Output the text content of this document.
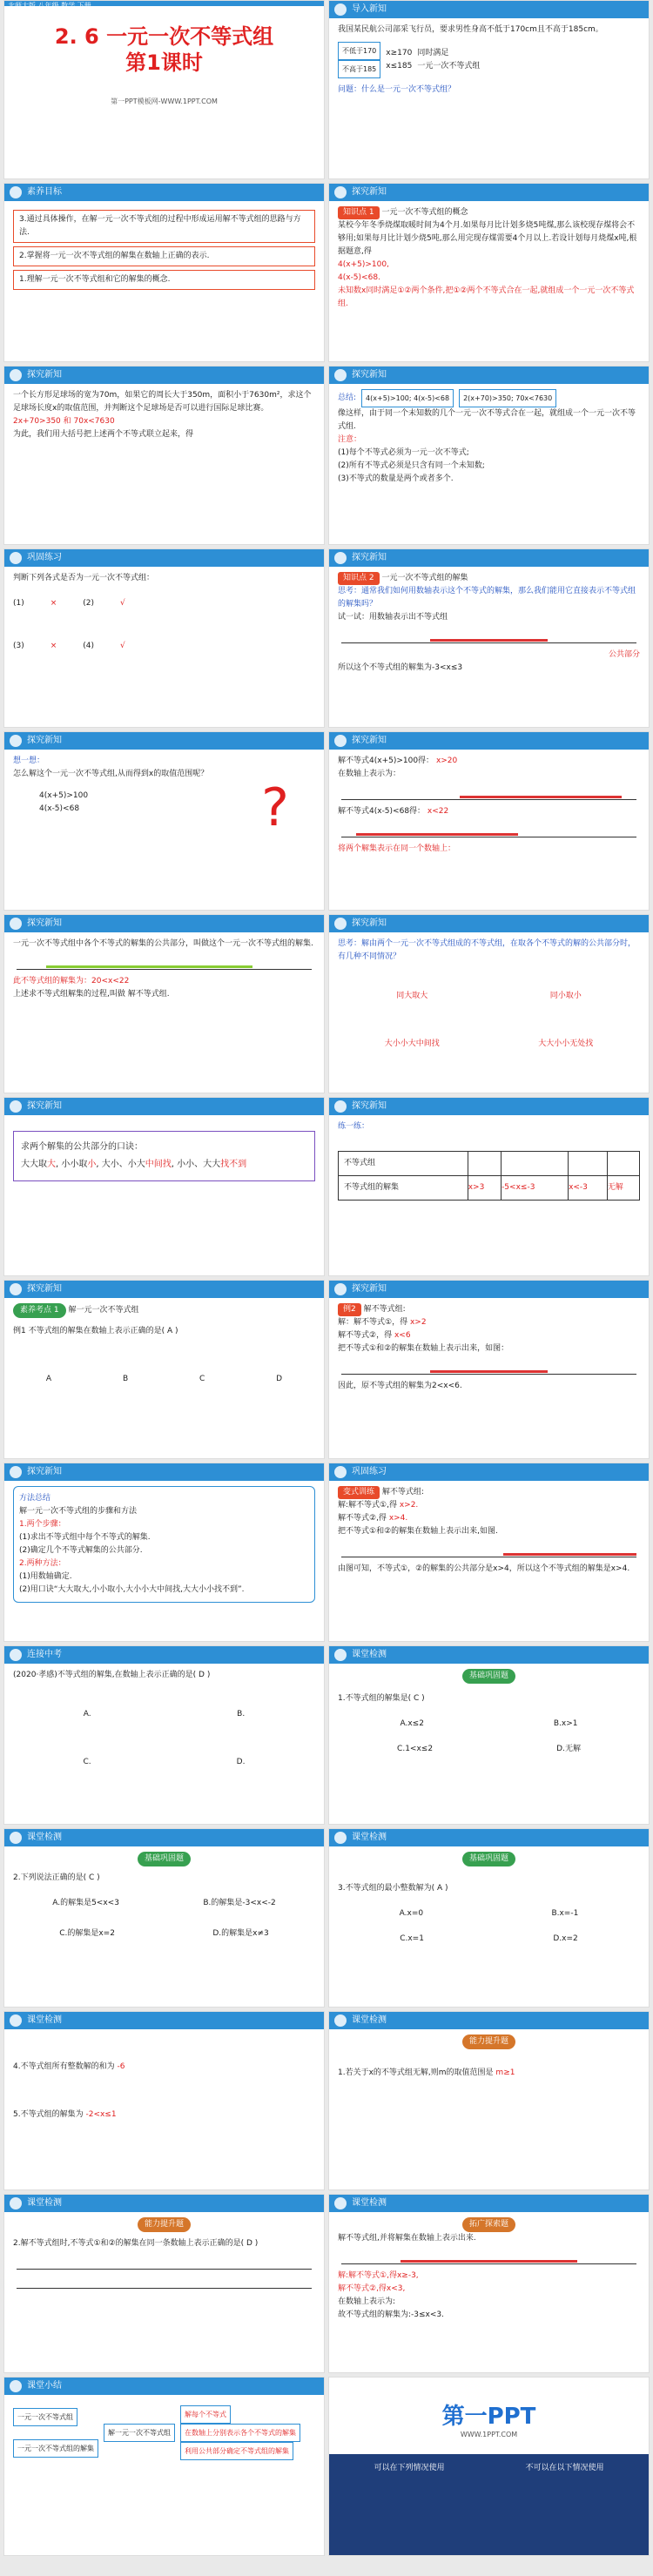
北师大版 八年级 数学 下册
2. 6 一元一次不等式组
第1课时
第一PPT模板网-WWW.1PPT.COM
导入新知
我国某民航公司部采飞行员，要求男性身高不低于170cm且不高于185cm。
不低于170
不高于185
x≥170
x≤185
同时满足
一元一次不等式组
问题：什么是一元一次不等式组？
素养目标
3.通过具体操作，在解一元一次不等式组的过程中形成运用解不等式组的思路与方法.
2.掌握将一元一次不等式组的解集在数轴上正确的表示.
1.理解一元一次不等式组和它的解集的概念.
探究新知
知识点 1 一元一次不等式组的概念
某校今年冬季烧煤取暖时间为4个月.如果每月比计划多烧5吨煤,那么该校现存煤将会不够用;如果每月比计划少烧5吨,那么用完现存煤需要4个月以上.若设计划每月烧煤x吨,根据题意,得
4(x+5)>100,
4(x-5)<68.
未知数x同时满足①②两个条件,把①②两个不等式合在一起,就组成一个一元一次不等式组.
探究新知
一个长方形足球场的宽为70m，如果它的周长大于350m，面积小于7630m²，求这个足球场长度x的取值范围，并判断这个足球场是否可以进行国际足球比赛。
2x+70>350 和 70x<7630
为此，我们用大括号把上述两个不等式联立起来，得
探究新知
总结:	4(x+5)>100; 4(x-5)<68	2(x+70)>350; 70x<7630
像这样，由于同一个未知数的几个一元一次不等式合在一起，就组成一个一元一次不等式组.
注意：
(1)每个不等式必须为一元一次不等式;
(2)所有不等式必须是只含有同一个未知数;
(3)不等式的数量是两个或者多个.
巩固练习
判断下列各式是否为一元一次不等式组：
(1)	×	(2)	√
(3)	×	(4)	√
探究新知
知识点 2 一元一次不等式组的解集
思考：通常我们如何用数轴表示这个不等式的解集，那么我们能用它直接表示不等式组的解集吗？
试一试：用数轴表示出不等式组
公共部分
所以这个不等式组的解集为-3<x≤3
探究新知
想一想：
怎么解这个一元一次不等式组,从而得到x的取值范围呢？
4(x+5)>100
4(x-5)<68	?
探究新知
解不等式4(x+5)>100得： x>20
在数轴上表示为：
解不等式4(x-5)<68得： x<22
将两个解集表示在同一个数轴上：
探究新知
一元一次不等式组中各个不等式的解集的公共部分，叫做这个一元一次不等式组的解集.
此不等式组的解集为：20<x<22
上述求不等式组解集的过程,叫做 解不等式组.
探究新知
思考：解由两个一元一次不等式组成的不等式组，在取各个不等式的解的公共部分时，有几种不同情况？
同大取大	同小取小
大小小大中间找	大大小小无处找
探究新知
求两个解集的公共部分的口诀：
大大取大, 小小取小, 大小、小大中间找, 小小、大大找不到
探究新知
练一练：
不等式组				
不等式组的解集	x>3	-5<x≤-3	x<-3	无解
探究新知
素养考点 1 解一元一次不等式组
例1 不等式组的解集在数轴上表示正确的是( A )
A	B	C	D
探究新知
例2 解不等式组:
解：解不等式①，得 x>2
解不等式②，得 x<6
把不等式①和②的解集在数轴上表示出来，如图：
因此，原不等式组的解集为2<x<6.
探究新知
方法总结
解一元一次不等式组的步骤和方法
1.两个步骤：
(1)求出不等式组中每个不等式的解集.
(2)确定几个不等式解集的公共部分.
2.两种方法：
(1)用数轴确定.
(2)用口诀“大大取大,小小取小,大小小大中间找,大大小小找不到”.
巩固练习
变式训练 解不等式组:
解:解不等式①,得 x>2.
解不等式②,得 x>4.
把不等式①和②的解集在数轴上表示出来,如图.
由图可知，不等式①，②的解集的公共部分是x>4，所以这个不等式组的解集是x>4.
连接中考
(2020·孝感)不等式组的解集,在数轴上表示正确的是( D )
A.	B.
C.	D.
课堂检测
基础巩固题
1.不等式组的解集是( C )
A.x≤2	B.x>1
C.1<x≤2	D.无解
课堂检测
基础巩固题
2.下列说法正确的是( C )
A.的解集是5<x<3	B.的解集是-3<x<-2
C.的解集是x=2	D.的解集是x≠3
课堂检测
基础巩固题
3.不等式组的最小整数解为( A )
A.x=0	B.x=-1
C.x=1	D.x=2
课堂检测
4.不等式组所有整数解的和为 -6
5.不等式组的解集为 -2<x≤1
课堂检测
能力提升题
1.若关于x的不等式组无解,则m的取值范围是 m≥1
课堂检测
能力提升题
2.解不等式组时,不等式①和②的解集在同一条数轴上表示正确的是( D )
课堂检测
拓广探索题
解不等式组,并将解集在数轴上表示出来.
解:解不等式①,得x≥-3,
解不等式②,得x<3,
在数轴上表示为:
故不等式组的解集为:-3≤x<3.
课堂小结
一元一次不等式组

一元一次不等式组的解集
解一元一次不等式组
解每个不等式
在数轴上分别表示各个不等式的解集
利用公共部分确定不等式组的解集
第一PPT
WWW.1PPT.COM
可以在下列情况使用	不可以在以下情况使用
